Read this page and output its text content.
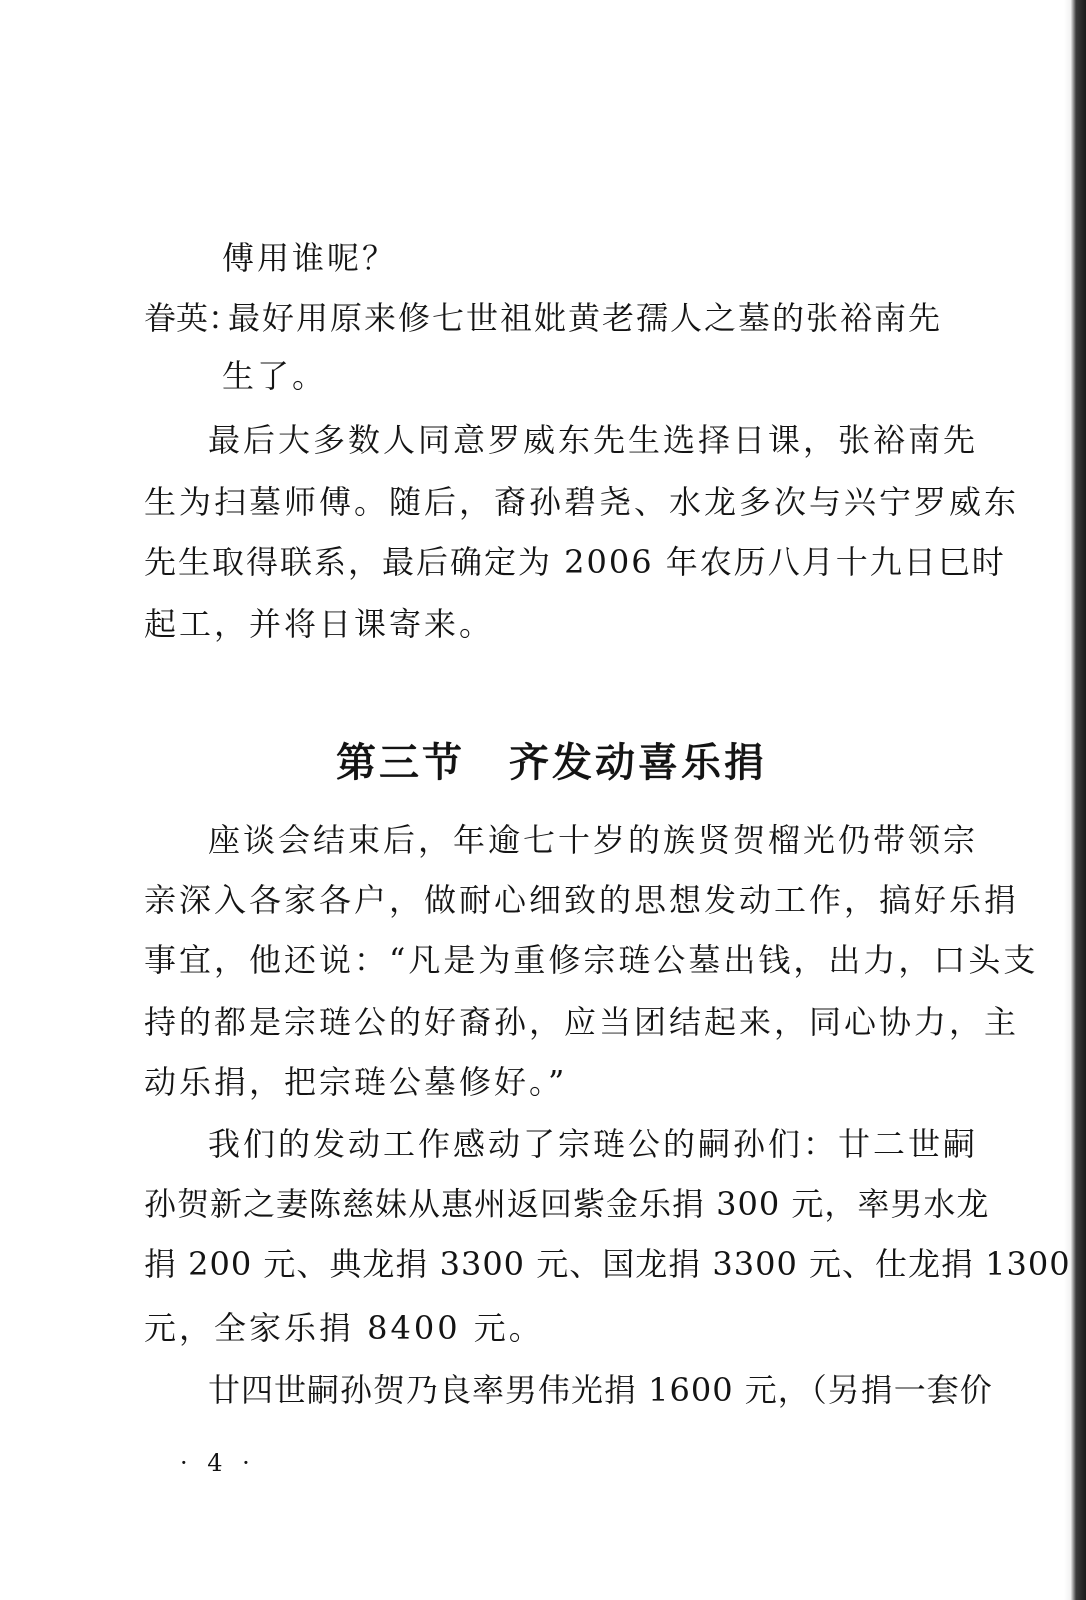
傅用谁呢？
眷英：
最好用原来修七世祖妣黄老孺人之墓的张裕南先
生了。
最后大多数人同意罗威东先生选择日课，张裕南先
生为扫墓师傅。随后，裔孙碧尧、水龙多次与兴宁罗威东
先生取得联系，最后确定为 2006 年农历八月十九日巳时
起工，并将日课寄来。
第三节 齐发动喜乐捐
座谈会结束后，年逾七十岁的族贤贺榴光仍带领宗
亲深入各家各户，做耐心细致的思想发动工作，搞好乐捐
事宜，他还说：“凡是为重修宗琏公墓出钱，出力，口头支
持的都是宗琏公的好裔孙，应当团结起来，同心协力，主
动乐捐，把宗琏公墓修好。”
我们的发动工作感动了宗琏公的嗣孙们：廿二世嗣
孙贺新之妻陈慈妹从惠州返回紫金乐捐 300 元，率男水龙
捐 200 元、典龙捐 3300 元、国龙捐 3300 元、仕龙捐 1300
元，全家乐捐 8400 元。
廿四世嗣孙贺乃良率男伟光捐 1600 元，（另捐一套价
· 4 ·
